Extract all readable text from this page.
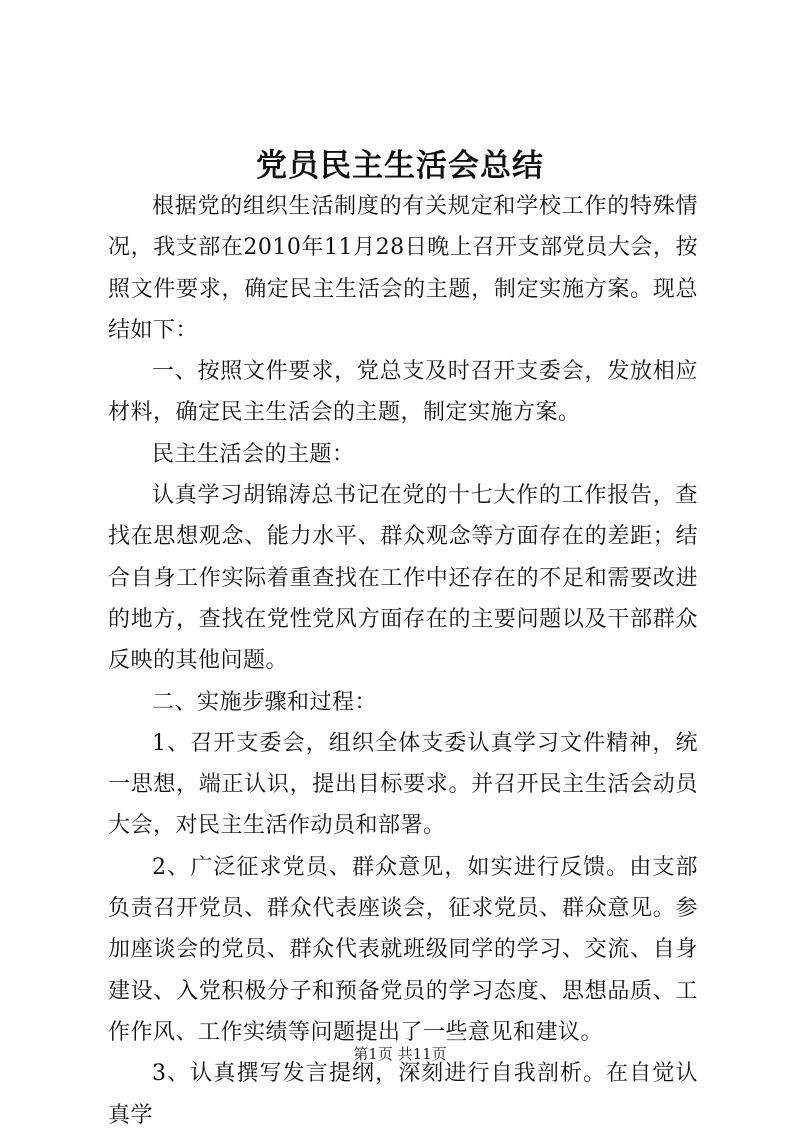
党员民主生活会总结

根据党的组织生活制度的有关规定和学校工作的特殊情况，我支部在2010年11月28日晚上召开支部党员大会，按照文件要求，确定民主生活会的主题，制定实施方案。现总结如下：

一、按照文件要求，党总支及时召开支委会，发放相应材料，确定民主生活会的主题，制定实施方案。

民主生活会的主题：

认真学习胡锦涛总书记在党的十七大作的工作报告，查找在思想观念、能力水平、群众观念等方面存在的差距；结合自身工作实际着重查找在工作中还存在的不足和需要改进的地方，查找在党性党风方面存在的主要问题以及干部群众反映的其他问题。

二、实施步骤和过程：

1、召开支委会，组织全体支委认真学习文件精神，统一思想，端正认识，提出目标要求。并召开民主生活会动员大会，对民主生活作动员和部署。

2、广泛征求党员、群众意见，如实进行反馈。由支部负责召开党员、群众代表座谈会，征求党员、群众意见。参加座谈会的党员、群众代表就班级同学的学习、交流、自身建设、入党积极分子和预备党员的学习态度、思想品质、工作作风、工作实绩等问题提出了一些意见和建议。

3、认真撰写发言提纲，深刻进行自我剖析。在自觉认真学

第1页 共11页
